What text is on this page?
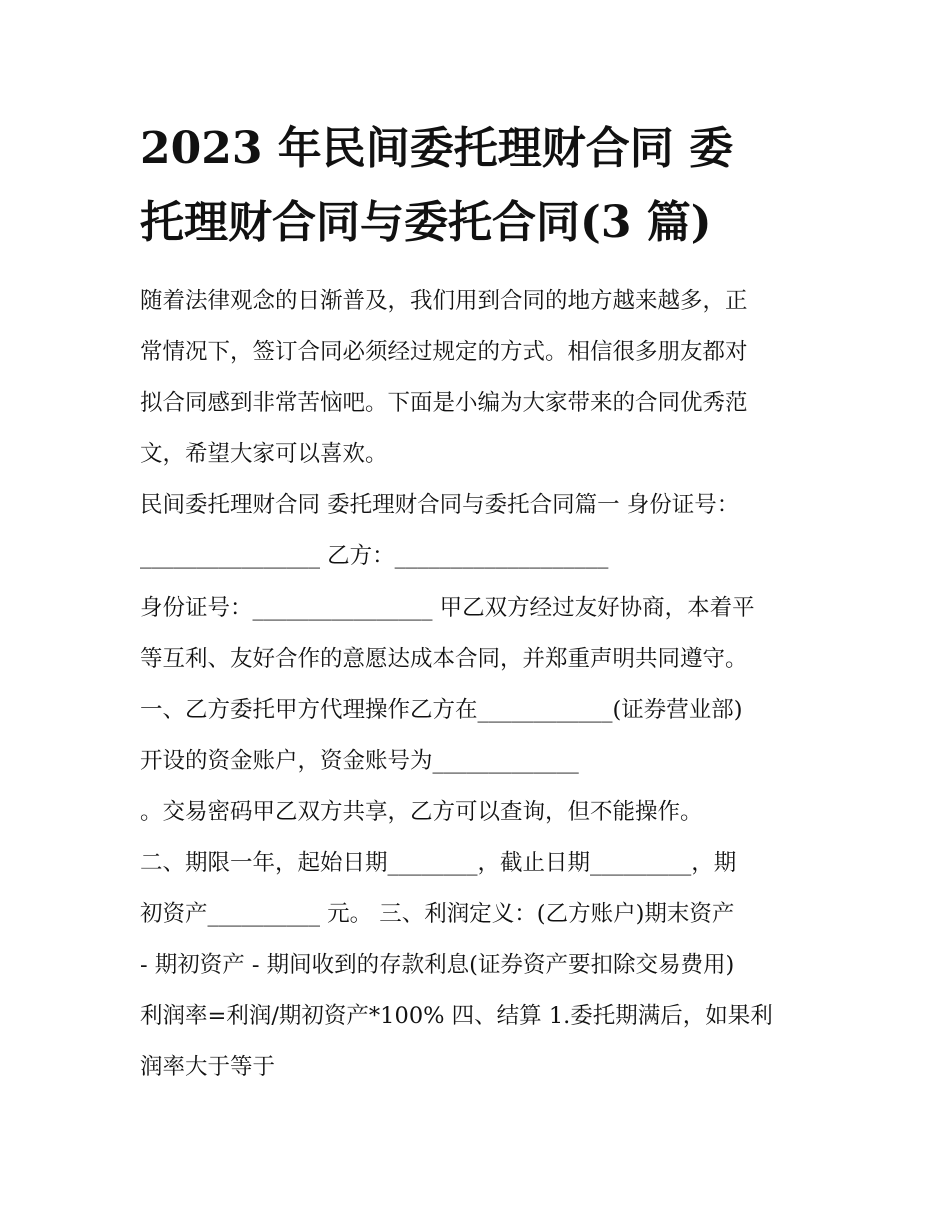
2023 年民间委托理财合同 委
托理财合同与委托合同(3 篇)
随着法律观念的日渐普及，我们用到合同的地方越来越多，正
常情况下，签订合同必须经过规定的方式。相信很多朋友都对
拟合同感到非常苦恼吧。下面是小编为大家带来的合同优秀范
文，希望大家可以喜欢。
民间委托理财合同 委托理财合同与委托合同篇一 身份证号：
________________ 乙方：___________________
身份证号：________________ 甲乙双方经过友好协商，本着平
等互利、友好合作的意愿达成本合同，并郑重声明共同遵守。
一、乙方委托甲方代理操作乙方在____________(证券营业部)
开设的资金账户，资金账号为_____________
。交易密码甲乙双方共享，乙方可以查询，但不能操作。
二、期限一年，起始日期________，截止日期_________，期
初资产__________ 元。 三、利润定义：(乙方账户)期末资产
- 期初资产 - 期间收到的存款利息(证券资产要扣除交易费用)
利润率=利润/期初资产*100% 四、结算 1.委托期满后，如果利
润率大于等于
